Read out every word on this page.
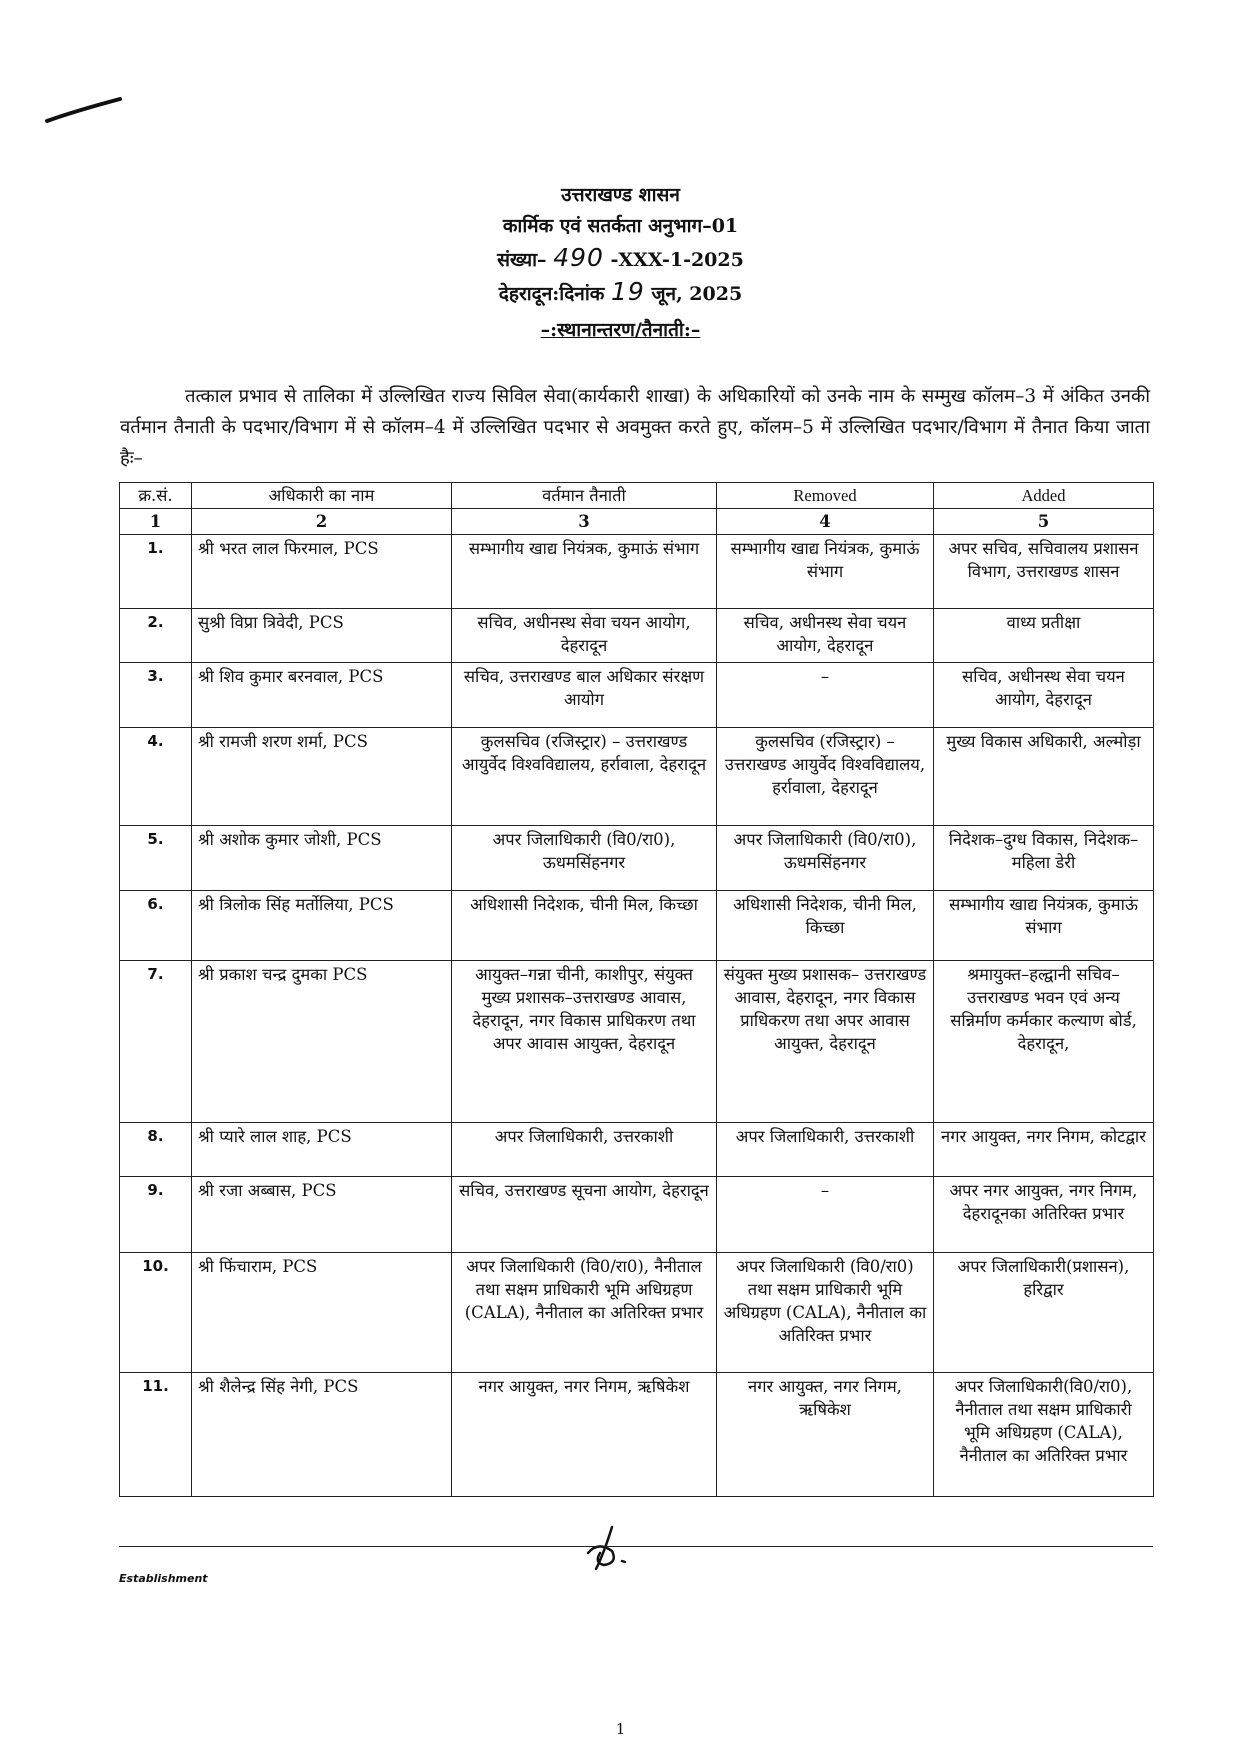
उत्तराखण्ड शासन
कार्मिक एवं सतर्कता अनुभाग–01
संख्या– 490 -XXX-1-2025
देहरादून:दिनांक 19 जून, 2025
–:स्थानान्तरण/तैनाती:–

तत्काल प्रभाव से तालिका में उल्लिखित राज्य सिविल सेवा(कार्यकारी शाखा) के अधिकारियों को उनके नाम के सम्मुख कॉलम–3 में अंकित उनकी वर्तमान तैनाती के पदभार/विभाग में से कॉलम–4 में उल्लिखित पदभार से अवमुक्त करते हुए, कॉलम–5 में उल्लिखित पदभार/विभाग में तैनात किया जाता हैः–

क्र.सं.	अधिकारी का नाम	वर्तमान तैनाती	Removed	Added
1	2	3	4	5
1.	श्री भरत लाल फिरमाल, PCS	सम्भागीय खाद्य नियंत्रक, कुमाऊं संभाग	सम्भागीय खाद्य नियंत्रक, कुमाऊं संभाग	अपर सचिव, सचिवालय प्रशासन विभाग, उत्तराखण्ड शासन
2.	सुश्री विप्रा त्रिवेदी, PCS	सचिव, अधीनस्थ सेवा चयन आयोग, देहरादून	सचिव, अधीनस्थ सेवा चयन आयोग, देहरादून	वाध्य प्रतीक्षा
3.	श्री शिव कुमार बरनवाल, PCS	सचिव, उत्तराखण्ड बाल अधिकार संरक्षण आयोग	–	सचिव, अधीनस्थ सेवा चयन आयोग, देहरादून
4.	श्री रामजी शरण शर्मा, PCS	कुलसचिव (रजिस्ट्रार) – उत्तराखण्ड आयुर्वेद विश्वविद्यालय, हर्रावाला, देहरादून	कुलसचिव (रजिस्ट्रार) – उत्तराखण्ड आयुर्वेद विश्वविद्यालय, हर्रावाला, देहरादून	मुख्य विकास अधिकारी, अल्मोड़ा
5.	श्री अशोक कुमार जोशी, PCS	अपर जिलाधिकारी (वि0/रा0), ऊधमसिंहनगर	अपर जिलाधिकारी (वि0/रा0), ऊधमसिंहनगर	निदेशक–दुग्ध विकास, निदेशक–महिला डेरी
6.	श्री त्रिलोक सिंह मर्तोलिया, PCS	अधिशासी निदेशक, चीनी मिल, किच्छा	अधिशासी निदेशक, चीनी मिल, किच्छा	सम्भागीय खाद्य नियंत्रक, कुमाऊं संभाग
7.	श्री प्रकाश चन्द्र दुमका PCS	आयुक्त–गन्ना चीनी, काशीपुर, संयुक्त मुख्य प्रशासक–उत्तराखण्ड आवास, देहरादून, नगर विकास प्राधिकरण तथा अपर आवास आयुक्त, देहरादून	संयुक्त मुख्य प्रशासक– उत्तराखण्ड आवास, देहरादून, नगर विकास प्राधिकरण तथा अपर आवास आयुक्त, देहरादून	श्रमायुक्त–हल्द्वानी सचिव–उत्तराखण्ड भवन एवं अन्य सन्निर्माण कर्मकार कल्याण बोर्ड, देहरादून,
8.	श्री प्यारे लाल शाह, PCS	अपर जिलाधिकारी, उत्तरकाशी	अपर जिलाधिकारी, उत्तरकाशी	नगर आयुक्त, नगर निगम, कोटद्वार
9.	श्री रजा अब्बास, PCS	सचिव, उत्तराखण्ड सूचना आयोग, देहरादून	–	अपर नगर आयुक्त, नगर निगम, देहरादूनका अतिरिक्त प्रभार
10.	श्री फिंचाराम, PCS	अपर जिलाधिकारी (वि0/रा0), नैनीताल तथा सक्षम प्राधिकारी भूमि अधिग्रहण (CALA), नैनीताल का अतिरिक्त प्रभार	अपर जिलाधिकारी (वि0/रा0) तथा सक्षम प्राधिकारी भूमि अधिग्रहण (CALA), नैनीताल का अतिरिक्त प्रभार	अपर जिलाधिकारी(प्रशासन), हरिद्वार
11.	श्री शैलेन्द्र सिंह नेगी, PCS	नगर आयुक्त, नगर निगम, ऋषिकेश	नगर आयुक्त, नगर निगम, ऋषिकेश	अपर जिलाधिकारी(वि0/रा0), नैनीताल तथा सक्षम प्राधिकारी भूमि अधिग्रहण (CALA), नैनीताल का अतिरिक्त प्रभार
Establishment
1
